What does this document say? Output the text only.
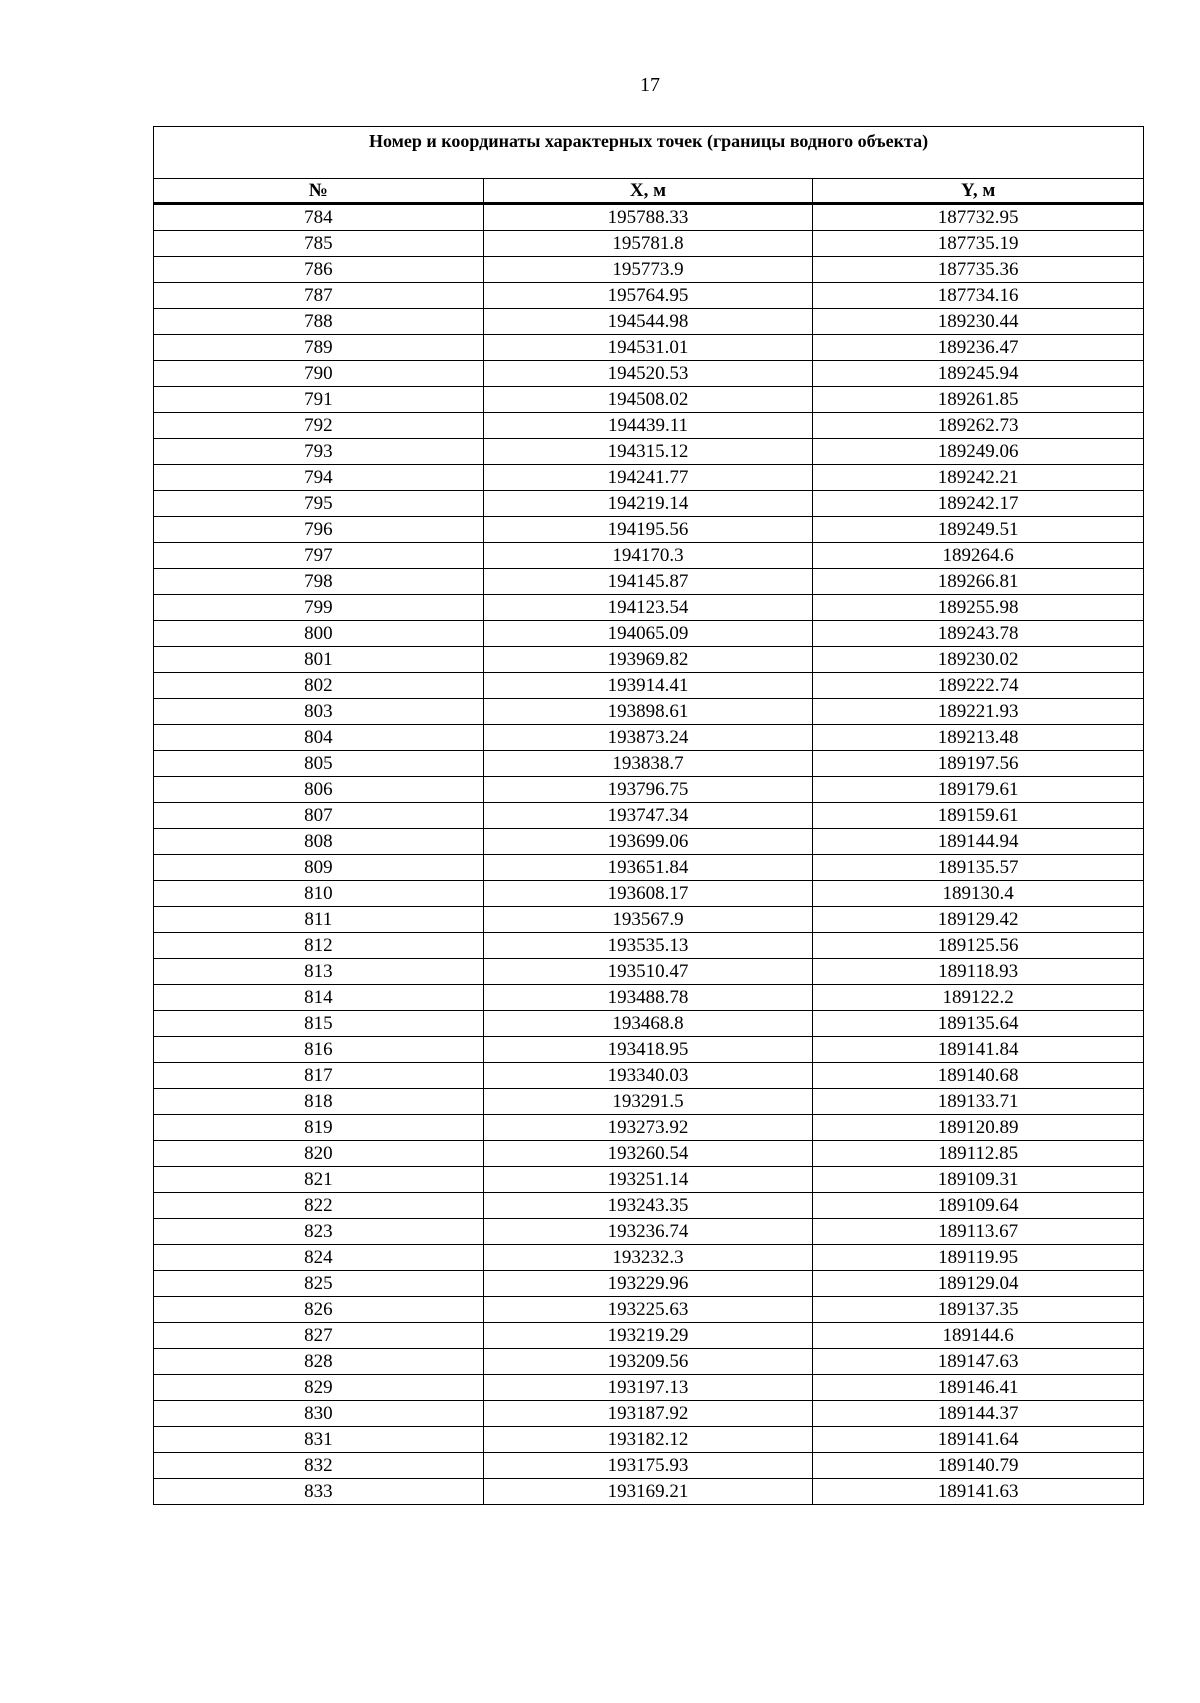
17
Номер и координаты характерных точек (границы водного объекта)		
№	X, м	Y, м
784	195788.33	187732.95
785	195781.8	187735.19
786	195773.9	187735.36
787	195764.95	187734.16
788	194544.98	189230.44
789	194531.01	189236.47
790	194520.53	189245.94
791	194508.02	189261.85
792	194439.11	189262.73
793	194315.12	189249.06
794	194241.77	189242.21
795	194219.14	189242.17
796	194195.56	189249.51
797	194170.3	189264.6
798	194145.87	189266.81
799	194123.54	189255.98
800	194065.09	189243.78
801	193969.82	189230.02
802	193914.41	189222.74
803	193898.61	189221.93
804	193873.24	189213.48
805	193838.7	189197.56
806	193796.75	189179.61
807	193747.34	189159.61
808	193699.06	189144.94
809	193651.84	189135.57
810	193608.17	189130.4
811	193567.9	189129.42
812	193535.13	189125.56
813	193510.47	189118.93
814	193488.78	189122.2
815	193468.8	189135.64
816	193418.95	189141.84
817	193340.03	189140.68
818	193291.5	189133.71
819	193273.92	189120.89
820	193260.54	189112.85
821	193251.14	189109.31
822	193243.35	189109.64
823	193236.74	189113.67
824	193232.3	189119.95
825	193229.96	189129.04
826	193225.63	189137.35
827	193219.29	189144.6
828	193209.56	189147.63
829	193197.13	189146.41
830	193187.92	189144.37
831	193182.12	189141.64
832	193175.93	189140.79
833	193169.21	189141.63
